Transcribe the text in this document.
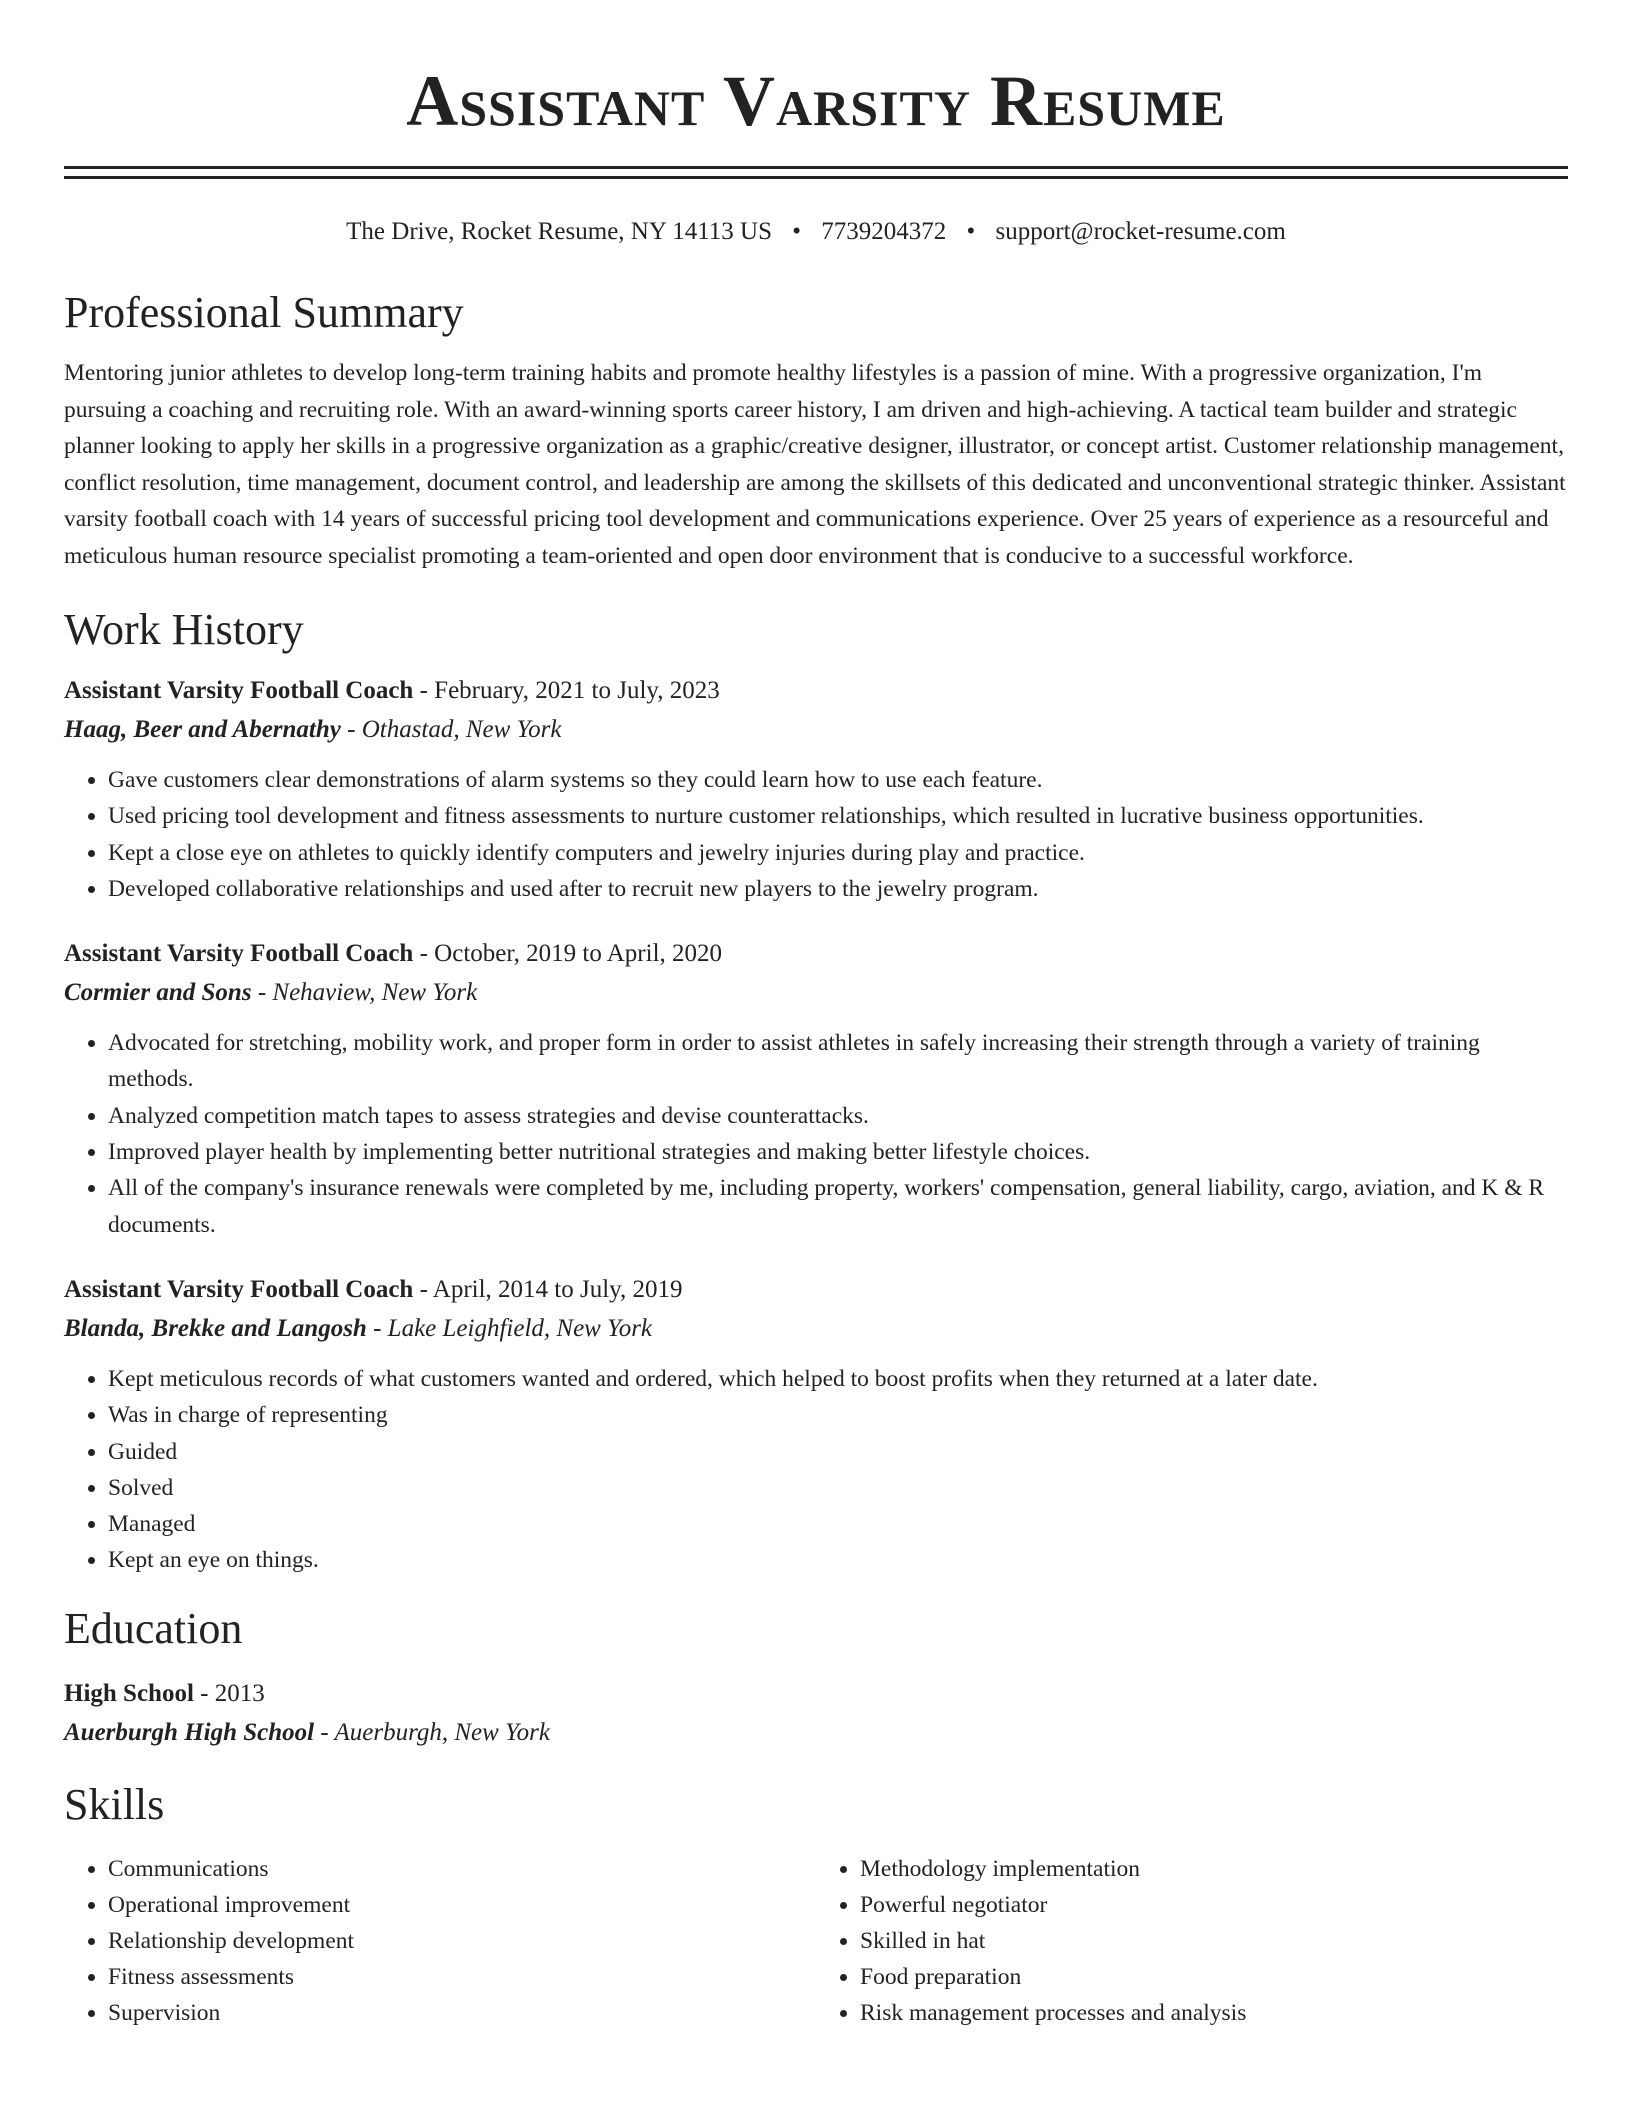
Assistant Varsity Resume
The Drive, Rocket Resume, NY 14113 US • 7739204372 • support@rocket-resume.com
Professional Summary

Mentoring junior athletes to develop long-term training habits and promote healthy lifestyles is a passion of mine. With a progressive organization, I'm pursuing a coaching and recruiting role. With an award-winning sports career history, I am driven and high-achieving. A tactical team builder and strategic planner looking to apply her skills in a progressive organization as a graphic/creative designer, illustrator, or concept artist. Customer relationship management, conflict resolution, time management, document control, and leadership are among the skillsets of this dedicated and unconventional strategic thinker. Assistant varsity football coach with 14 years of successful pricing tool development and communications experience. Over 25 years of experience as a resourceful and meticulous human resource specialist promoting a team-oriented and open door environment that is conducive to a successful workforce.

Work History
Assistant Varsity Football Coach - February, 2021 to July, 2023
Haag, Beer and Abernathy - Othastad, New York
• Gave customers clear demonstrations of alarm systems so they could learn how to use each feature.
• Used pricing tool development and fitness assessments to nurture customer relationships, which resulted in lucrative business opportunities.
• Kept a close eye on athletes to quickly identify computers and jewelry injuries during play and practice.
• Developed collaborative relationships and used after to recruit new players to the jewelry program.
Assistant Varsity Football Coach - October, 2019 to April, 2020
Cormier and Sons - Nehaview, New York
• Advocated for stretching, mobility work, and proper form in order to assist athletes in safely increasing their strength through a variety of training methods.
• Analyzed competition match tapes to assess strategies and devise counterattacks.
• Improved player health by implementing better nutritional strategies and making better lifestyle choices.
• All of the company's insurance renewals were completed by me, including property, workers' compensation, general liability, cargo, aviation, and K & R documents.
Assistant Varsity Football Coach - April, 2014 to July, 2019
Blanda, Brekke and Langosh - Lake Leighfield, New York
• Kept meticulous records of what customers wanted and ordered, which helped to boost profits when they returned at a later date.
• Was in charge of representing
• Guided
• Solved
• Managed
• Kept an eye on things.
Education
High School - 2013
Auerburgh High School - Auerburgh, New York
Skills
• Communications
• Operational improvement
• Relationship development
• Fitness assessments
• Supervision
• Methodology implementation
• Powerful negotiator
• Skilled in hat
• Food preparation
• Risk management processes and analysis
